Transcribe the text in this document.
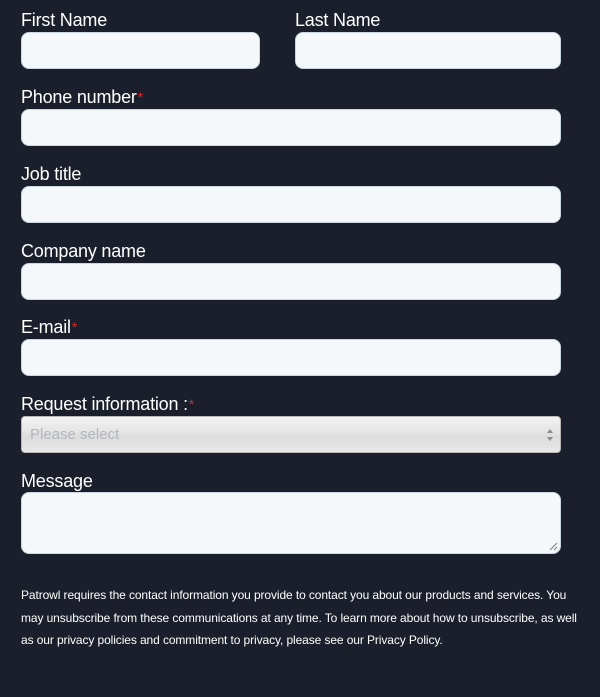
First Name	Last Name
Phone number*
Job title
Company name
E-mail*
Request information :*
Please select
Message
Patrowl requires the contact information you provide to contact you about our products and services. You may unsubscribe from these communications at any time. To learn more about how to unsubscribe, as well as our privacy policies and commitment to privacy, please see our Privacy Policy.
